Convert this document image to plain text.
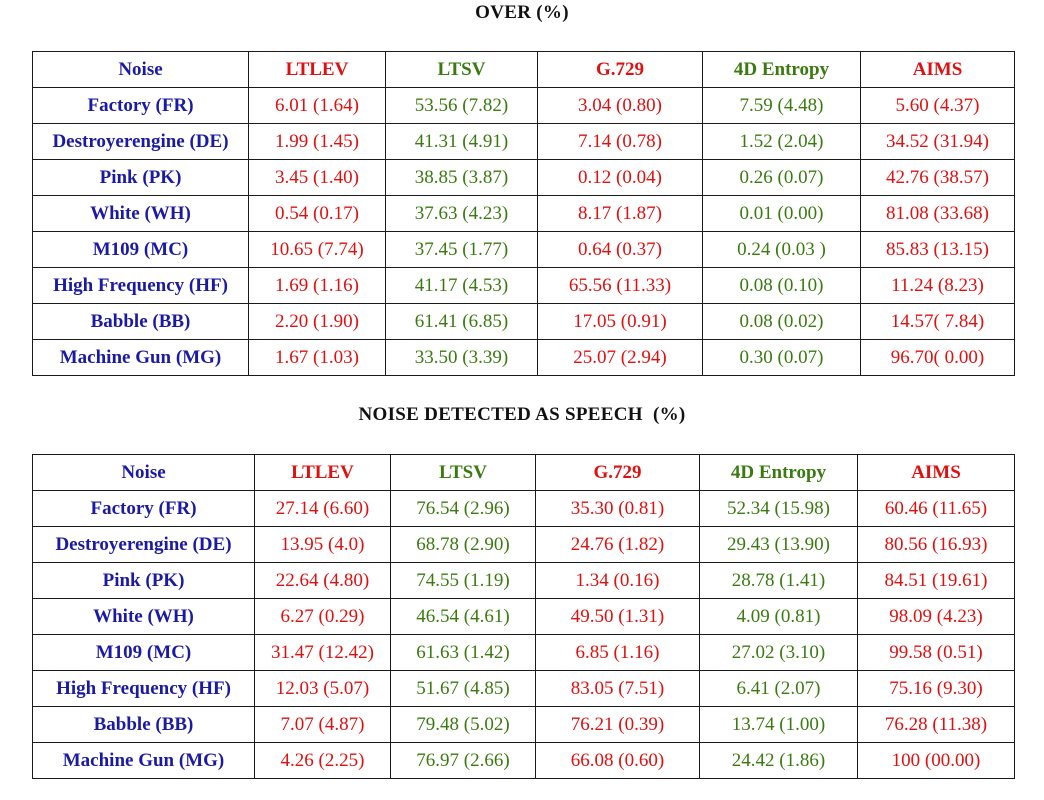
OVER (%)
Noise	LTLEV	LTSV	G.729	4D Entropy	AIMS
Factory (FR)	6.01 (1.64)	53.56 (7.82)	3.04 (0.80)	7.59 (4.48)	5.60 (4.37)
Destroyerengine (DE)	1.99 (1.45)	41.31 (4.91)	7.14 (0.78)	1.52 (2.04)	34.52 (31.94)
Pink (PK)	3.45 (1.40)	38.85 (3.87)	0.12 (0.04)	0.26 (0.07)	42.76 (38.57)
White (WH)	0.54 (0.17)	37.63 (4.23)	8.17 (1.87)	0.01 (0.00)	81.08 (33.68)
M109 (MC)	10.65 (7.74)	37.45 (1.77)	0.64 (0.37)	0.24 (0.03 )	85.83 (13.15)
High Frequency (HF)	1.69 (1.16)	41.17 (4.53)	65.56 (11.33)	0.08 (0.10)	11.24 (8.23)
Babble (BB)	2.20 (1.90)	61.41 (6.85)	17.05 (0.91)	0.08 (0.02)	14.57( 7.84)
Machine Gun (MG)	1.67 (1.03)	33.50 (3.39)	25.07 (2.94)	0.30 (0.07)	96.70( 0.00)
NOISE DETECTED AS SPEECH  (%)
Noise	LTLEV	LTSV	G.729	4D Entropy	AIMS
Factory (FR)	27.14 (6.60)	76.54 (2.96)	35.30 (0.81)	52.34 (15.98)	60.46 (11.65)
Destroyerengine (DE)	13.95 (4.0)	68.78 (2.90)	24.76 (1.82)	29.43 (13.90)	80.56 (16.93)
Pink (PK)	22.64 (4.80)	74.55 (1.19)	1.34 (0.16)	28.78 (1.41)	84.51 (19.61)
White (WH)	6.27 (0.29)	46.54 (4.61)	49.50 (1.31)	4.09 (0.81)	98.09 (4.23)
M109 (MC)	31.47 (12.42)	61.63 (1.42)	6.85 (1.16)	27.02 (3.10)	99.58 (0.51)
High Frequency (HF)	12.03 (5.07)	51.67 (4.85)	83.05 (7.51)	6.41 (2.07)	75.16 (9.30)
Babble (BB)	7.07 (4.87)	79.48 (5.02)	76.21 (0.39)	13.74 (1.00)	76.28 (11.38)
Machine Gun (MG)	4.26 (2.25)	76.97 (2.66)	66.08 (0.60)	24.42 (1.86)	100 (00.00)
